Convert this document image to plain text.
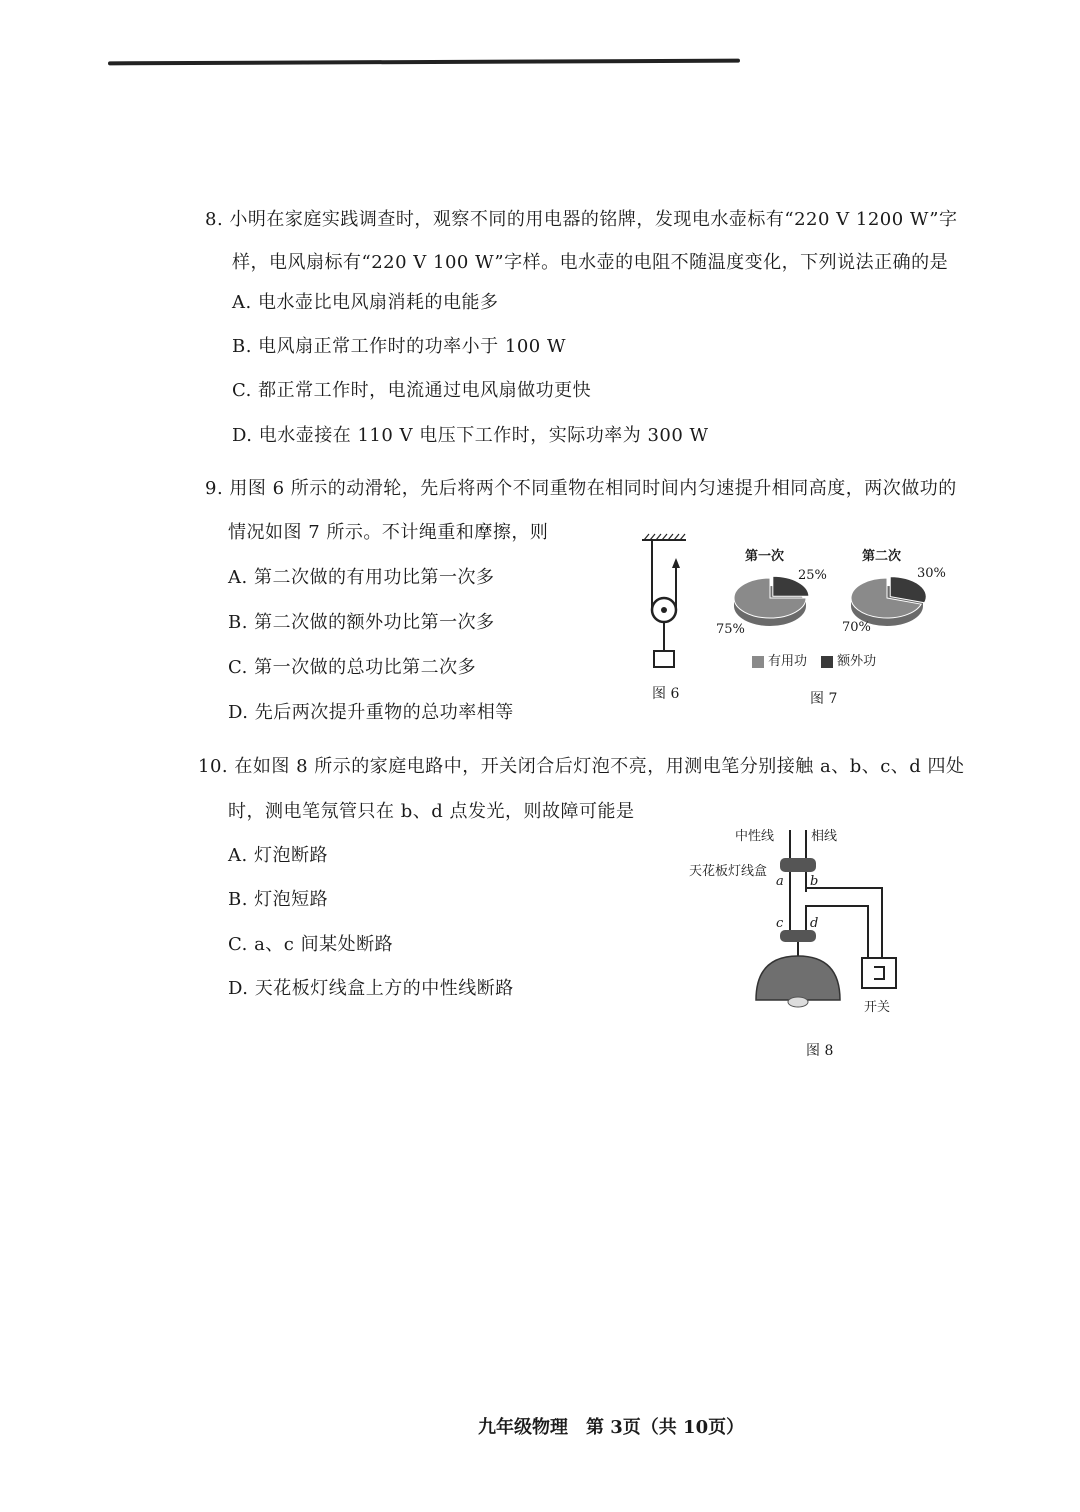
8. 小明在家庭实践调查时，观察不同的用电器的铭牌，发现电水壶标有“220 V 1200 W”字
样，电风扇标有“220 V 100 W”字样。电水壶的电阻不随温度变化，下列说法正确的是
A. 电水壶比电风扇消耗的电能多
B. 电风扇正常工作时的功率小于 100 W
C. 都正常工作时，电流通过电风扇做功更快
D. 电水壶接在 110 V 电压下工作时，实际功率为 300 W
9. 用图 6 所示的动滑轮，先后将两个不同重物在相同时间内匀速提升相同高度，两次做功的
情况如图 7 所示。不计绳重和摩擦，则
A. 第二次做的有用功比第一次多
B. 第二次做的额外功比第一次多
C. 第一次做的总功比第二次多
D. 先后两次提升重物的总功率相等
图 6
第一次	第二次
25%
75%
30%
70%
有用功 额外功
图 7
10. 在如图 8 所示的家庭电路中，开关闭合后灯泡不亮，用测电笔分别接触 a、b、c、d 四处
时，测电笔氖管只在 b、d 点发光，则故障可能是
A. 灯泡断路
B. 灯泡短路
C. a、c 间某处断路
D. 天花板灯线盒上方的中性线断路
中性线	相线
天花板灯线盒
a b
c d
开关
图 8
九年级物理　第 3页（共 10页）
